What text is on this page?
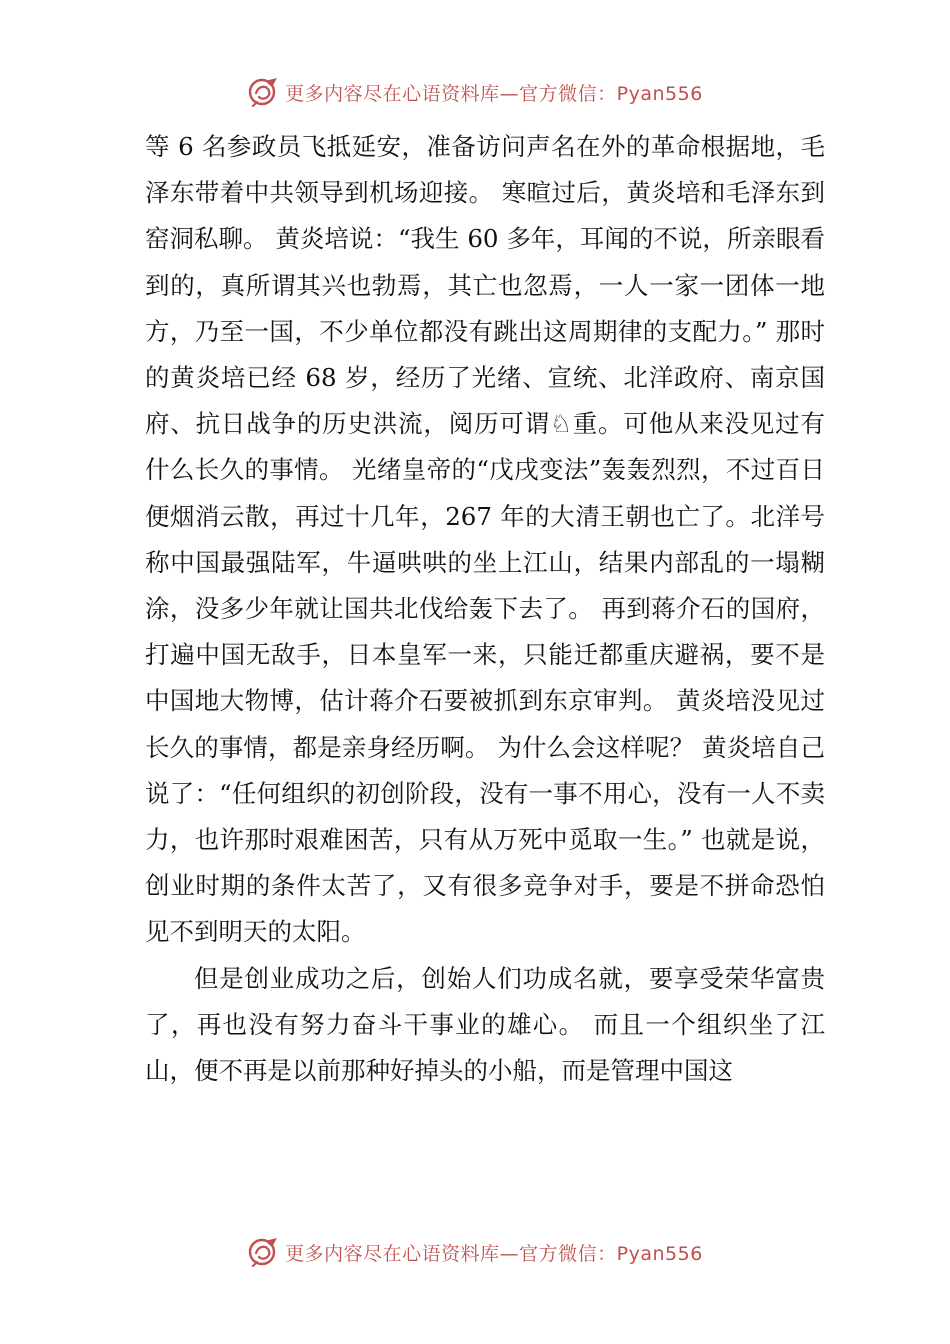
更多内容尽在心语资料库—官方微信：Pyan556

等 6 名参政员飞抵延安，准备访问声名在外的革命根据地，毛泽东带着中共领导到机场迎接。 寒暄过后，黄炎培和毛泽东到窑洞私聊。 黄炎培说：“我生 60 多年，耳闻的不说，所亲眼看到的，真所谓其兴也勃焉，其亡也忽焉，一人一家一团体一地方，乃至一国，不少单位都没有跳出这周期律的支配力。” 那时的黄炎培已经 68 岁，经历了光绪、宣统、北洋政府、南京国府、抗日战争的历史洪流，阅历可谓♘重。可他从来没见过有什么长久的事情。 光绪皇帝的“戊戌变法”轰轰烈烈，不过百日便烟消云散，再过十几年，267 年的大清王朝也亡了。北洋号称中国最强陆军，牛逼哄哄的坐上江山，结果内部乱的一塌糊涂，没多少年就让国共北伐给轰下去了。 再到蒋介石的国府，打遍中国无敌手，日本皇军一来，只能迁都重庆避祸，要不是中国地大物博，估计蒋介石要被抓到东京审判。 黄炎培没见过长久的事情，都是亲身经历啊。 为什么会这样呢？ 黄炎培自己说了：“任何组织的初创阶段，没有一事不用心，没有一人不卖力，也许那时艰难困苦，只有从万死中觅取一生。” 也就是说，创业时期的条件太苦了，又有很多竞争对手，要是不拼命恐怕见不到明天的太阳。

但是创业成功之后，创始人们功成名就，要享受荣华富贵了，再也没有努力奋斗干事业的雄心。 而且一个组织坐了江山，便不再是以前那种好掉头的小船，而是管理中国这

更多内容尽在心语资料库—官方微信：Pyan556
